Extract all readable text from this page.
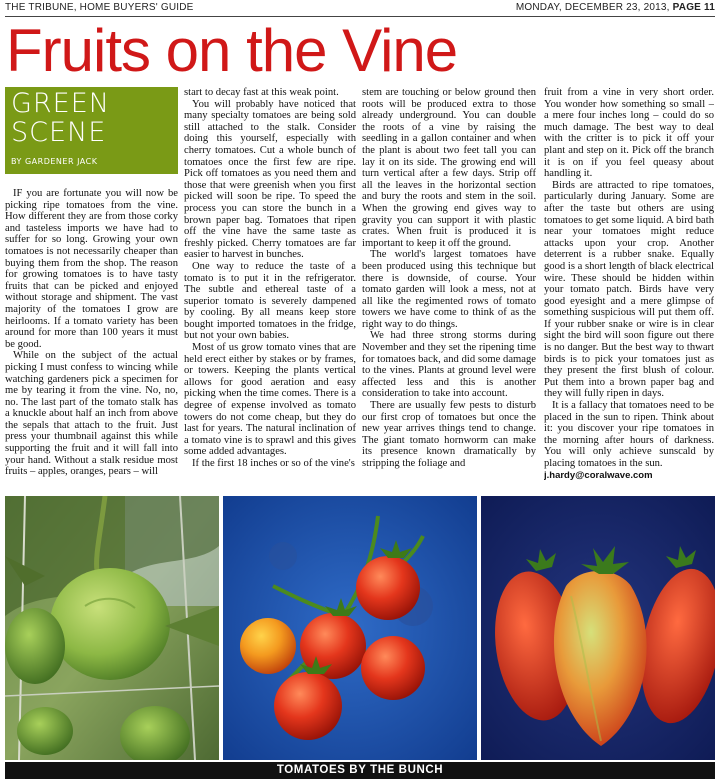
THE TRIBUNE, HOME BUYERS' GUIDE	MONDAY, DECEMBER 23, 2013, PAGE 11
Fruits on the Vine
GREEN
SCENE
BY GARDENER JACK

IF you are fortunate you will now be picking ripe tomatoes from the vine. How different they are from those corky and tasteless imports we have had to suffer for so long. Growing your own tomatoes is not necessarily cheaper than buying them from the shop. The reason for growing tomatoes is to have tasty fruits that can be picked and enjoyed without storage and shipment. The vast majority of the tomatoes I grow are heirlooms. If a tomato variety has been around for more than 100 years it must be good.

While on the subject of the actual picking I must confess to wincing while watching gardeners pick a specimen for me by tearing it from the vine. No, no, no. The last part of the tomato stalk has a knuckle about half an inch from above the sepals that attach to the fruit. Just press your thumbnail against this while supporting the fruit and it will fall into your hand. Without a stalk residue most fruits – apples, oranges, pears – will

start to decay fast at this weak point.

You will probably have noticed that many specialty tomatoes are being sold still attached to the stalk. Consider doing this yourself, especially with cherry tomatoes. Cut a whole bunch of tomatoes once the first few are ripe. Pick off tomatoes as you need them and those that were greenish when you first picked will soon be ripe. To speed the process you can store the bunch in a brown paper bag. Tomatoes that ripen off the vine have the same taste as freshly picked. Cherry tomatoes are far easier to harvest in bunches.

One way to reduce the taste of a tomato is to put it in the refrigerator. The subtle and ethereal taste of a superior tomato is severely dampened by cooling. By all means keep store bought imported tomatoes in the fridge, but not your own babies.

Most of us grow tomato vines that are held erect either by stakes or by frames, or towers. Keeping the plants vertical allows for good aeration and easy picking when the time comes. There is a degree of expense involved as tomato towers do not come cheap, but they do last for years. The natural inclination of a tomato vine is to sprawl and this gives some added advantages.

If the first 18 inches or so of the vine's

stem are touching or below ground then roots will be produced extra to those already underground. You can double the roots of a vine by raising the seedling in a gallon container and when the plant is about two feet tall you can lay it on its side. The growing end will turn vertical after a few days. Strip off all the leaves in the horizontal section and bury the roots and stem in the soil. When the growing end gives way to gravity you can support it with plastic crates. When fruit is produced it is important to keep it off the ground.

The world's largest tomatoes have been produced using this technique but there is downside, of course. Your tomato garden will look a mess, not at all like the regimented rows of tomato towers we have come to think of as the right way to do things.

We had three strong storms during November and they set the ripening time for tomatoes back, and did some damage to the vines. Plants at ground level were affected less and this is another consideration to take into account.

There are usually few pests to disturb our first crop of tomatoes but once the new year arrives things tend to change. The giant tomato hornworm can make its presence known dramatically by stripping the foliage and

fruit from a vine in very short order. You wonder how something so small – a mere four inches long – could do so much damage. The best way to deal with the critter is to pick it off your plant and step on it. Pick off the branch it is on if you feel queasy about handling it.

Birds are attracted to ripe tomatoes, particularly during January. Some are after the taste but others are using tomatoes to get some liquid. A bird bath near your tomatoes might reduce attacks upon your crop. Another deterrent is a rubber snake. Equally good is a short length of black electrical wire. These should be hidden within your tomato patch. Birds have very good eyesight and a mere glimpse of something suspicious will put them off. If your rubber snake or wire is in clear sight the bird will soon figure out there is no danger. But the best way to thwart birds is to pick your tomatoes just as they present the first blush of colour. Put them into a brown paper bag and they will fully ripen in days.

It is a fallacy that tomatoes need to be placed in the sun to ripen. Think about it: you discover your ripe tomatoes in the morning after hours of darkness. You will only achieve sunscald by placing tomatoes in the sun.

j.hardy@coralwave.com

TOMATOES BY THE BUNCH
